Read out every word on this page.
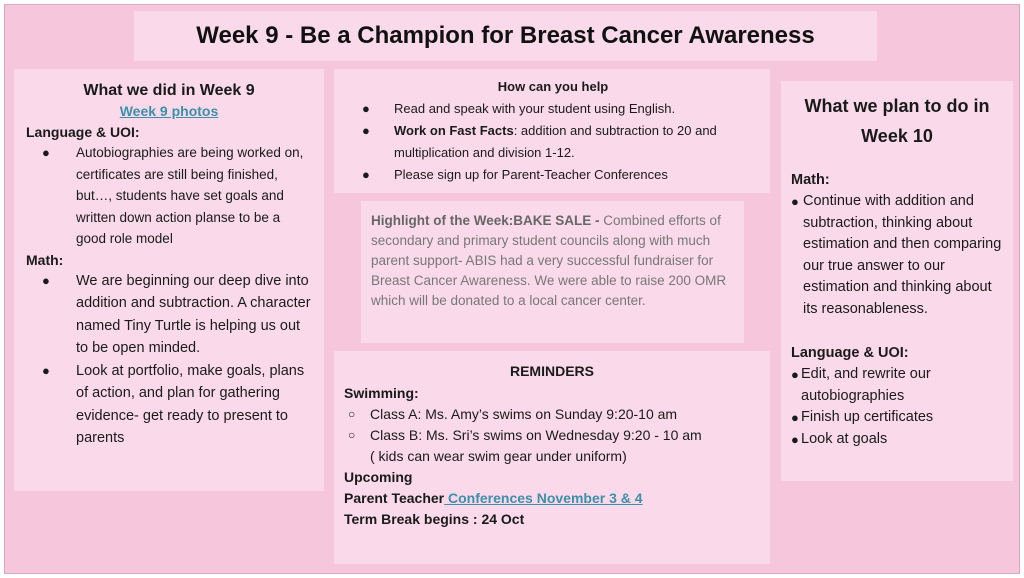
Week 9 - Be a Champion for Breast Cancer Awareness
What we did in Week 9
Week 9 photos
Language & UOI:
● Autobiographies are being worked on, certificates are still being finished, but…, students have set goals and written down action planse to be a good role model
Math:
● We are beginning our deep dive into addition and subtraction. A character named Tiny Turtle is helping us out to be open minded.
● Look at portfolio, make goals, plans of action, and plan for gathering evidence- get ready to present to parents
How can you help
● Read and speak with your student using English.
● Work on Fast Facts: addition and subtraction to 20 and multiplication and division 1-12.
● Please sign up for Parent-Teacher Conferences
Highlight of the Week:BAKE SALE - Combined efforts of secondary and primary student councils along with much parent support- ABIS had a very successful fundraiser for Breast Cancer Awareness. We were able to raise 200 OMR which will be donated to a local cancer center.
REMINDERS
Swimming:
○ Class A: Ms. Amy’s swims on Sunday 9:20-10 am
○ Class B: Ms. Sri’s swims on Wednesday 9:20 - 10 am
( kids can wear swim gear under uniform)
Upcoming
Parent Teacher Conferences November 3 & 4
Term Break begins : 24 Oct
What we plan to do in Week 10
Math:
● Continue with addition and subtraction, thinking about estimation and then comparing our true answer to our estimation and thinking about its reasonableness.
Language & UOI:
● Edit, and rewrite our autobiographies
● Finish up certificates
● Look at goals
